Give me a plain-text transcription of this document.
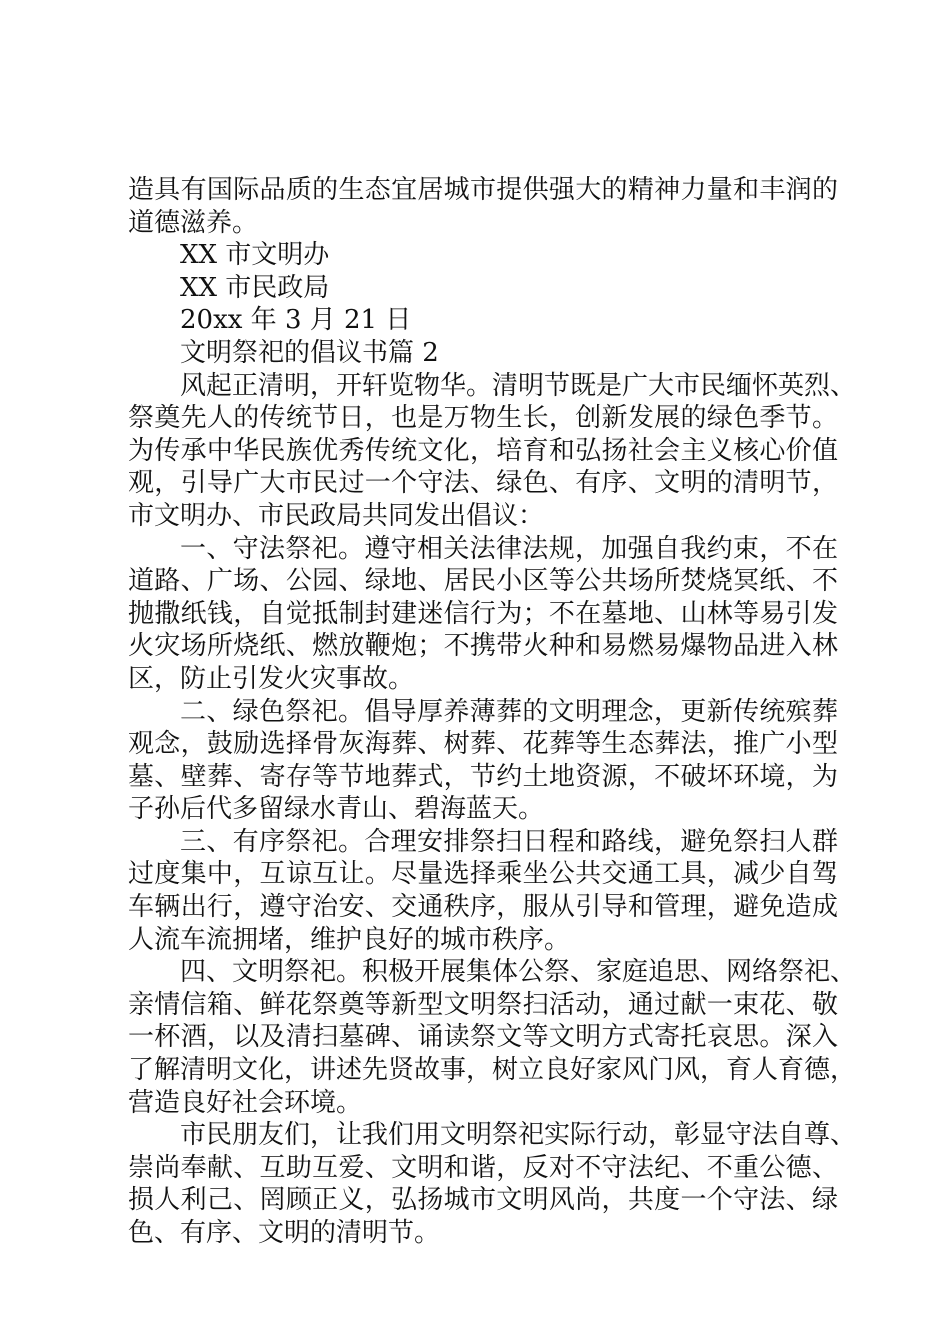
造具有国际品质的生态宜居城市提供强大的精神力量和丰润的
道德滋养。
XX 市文明办
XX 市民政局
20xx 年 3 月 21 日
文明祭祀的倡议书篇 2
风起正清明，开轩览物华。清明节既是广大市民缅怀英烈、
祭奠先人的传统节日，也是万物生长，创新发展的绿色季节。
为传承中华民族优秀传统文化，培育和弘扬社会主义核心价值
观，引导广大市民过一个守法、绿色、有序、文明的清明节，
市文明办、市民政局共同发出倡议：
一、守法祭祀。遵守相关法律法规，加强自我约束，不在
道路、广场、公园、绿地、居民小区等公共场所焚烧冥纸、不
抛撒纸钱，自觉抵制封建迷信行为；不在墓地、山林等易引发
火灾场所烧纸、燃放鞭炮；不携带火种和易燃易爆物品进入林
区，防止引发火灾事故。
二、绿色祭祀。倡导厚养薄葬的文明理念，更新传统殡葬
观念，鼓励选择骨灰海葬、树葬、花葬等生态葬法，推广小型
墓、壁葬、寄存等节地葬式，节约土地资源，不破坏环境，为
子孙后代多留绿水青山、碧海蓝天。
三、有序祭祀。合理安排祭扫日程和路线，避免祭扫人群
过度集中，互谅互让。尽量选择乘坐公共交通工具，减少自驾
车辆出行，遵守治安、交通秩序，服从引导和管理，避免造成
人流车流拥堵，维护良好的城市秩序。
四、文明祭祀。积极开展集体公祭、家庭追思、网络祭祀、
亲情信箱、鲜花祭奠等新型文明祭扫活动，通过献一束花、敬
一杯酒，以及清扫墓碑、诵读祭文等文明方式寄托哀思。深入
了解清明文化，讲述先贤故事，树立良好家风门风，育人育德，
营造良好社会环境。
市民朋友们，让我们用文明祭祀实际行动，彰显守法自尊、
崇尚奉献、互助互爱、文明和谐，反对不守法纪、不重公德、
损人利己、罔顾正义，弘扬城市文明风尚，共度一个守法、绿
色、有序、文明的清明节。
